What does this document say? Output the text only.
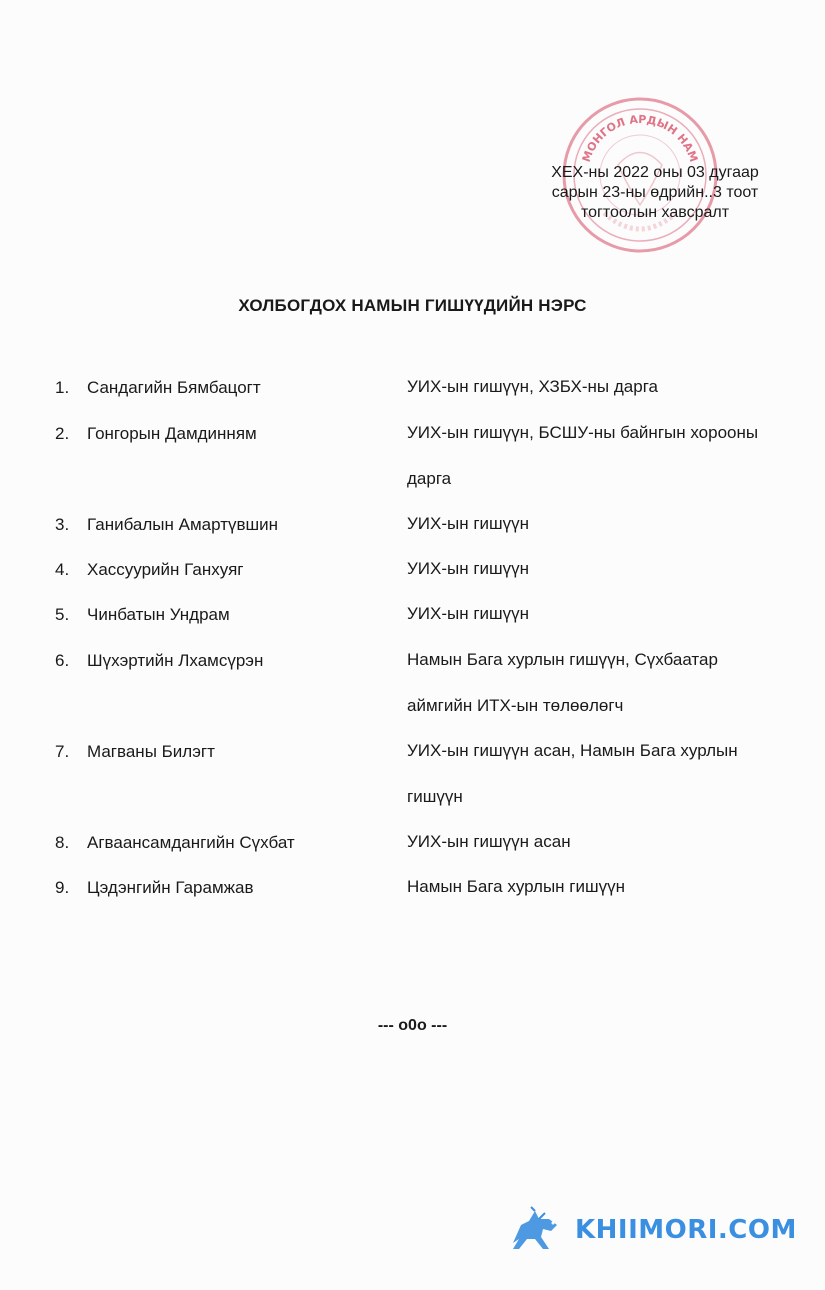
МОНГОЛ АРДЫН НАМ
ХЕХ-ны 2022 оны 03 дугаар
сарын 23-ны өдрийн..3 тоот
тогтоолын хавсралт
ХОЛБОГДОХ НАМЫН ГИШҮҮДИЙН НЭРС
1.	Сандагийн Бямбацогт	УИХ-ын гишүүн, ХЗБХ-ны дарга
2.	Гонгорын Дамдинням	УИХ-ын гишүүн, БСШУ-ны байнгын хорооны дарга
3.	Ганибалын Амартүвшин	УИХ-ын гишүүн
4.	Хассуурийн Ганхуяг	УИХ-ын гишүүн
5.	Чинбатын Ундрам	УИХ-ын гишүүн
6.	Шүхэртийн Лхамсүрэн	Намын Бага хурлын гишүүн, Сүхбаатар аймгийн ИТХ-ын төлөөлөгч
7.	Магваны Билэгт	УИХ-ын гишүүн асан, Намын Бага хурлын гишүүн
8.	Агваансамдангийн Сүхбат	УИХ-ын гишүүн асан
9.	Цэдэнгийн Гарамжав	Намын Бага хурлын гишүүн
--- o0o ---
KHIIMORI.COM
